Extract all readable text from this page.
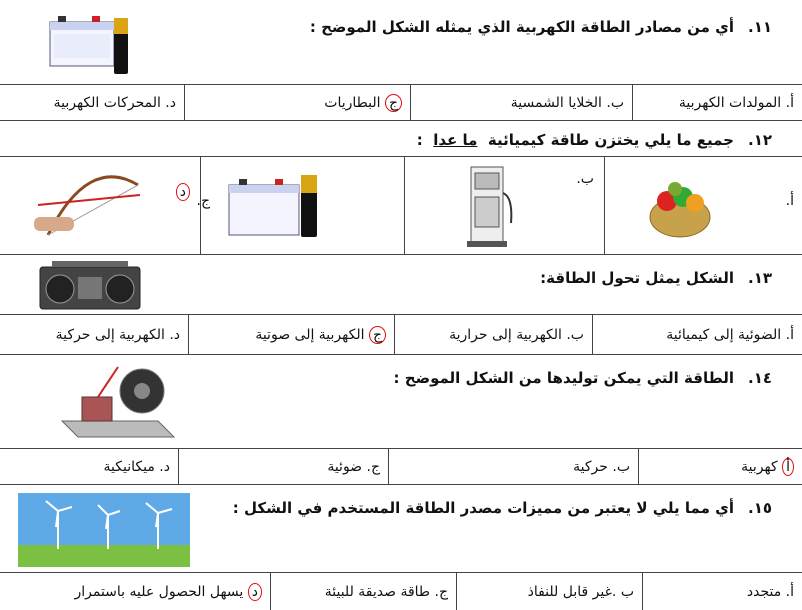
١١.أي من مصادر الطاقة الكهربية الذي يمثله الشكل الموضح :
أ. المولدات الكهربية
ب. الخلايا الشمسية
ج

البطاريات
د. المحركات الكهربية
١٢.جميع ما يلي يختزن طاقة كيميائية  ما عدا  :
أ.
ب.
ج.
د
١٣.الشكل يمثل تحول الطاقة:
أ. الضوئية إلى كيميائية
ب. الكهربية إلى حرارية
ج

الكهربية إلى صوتية
د. الكهربية إلى حركية
١٤.الطاقة التي يمكن توليدها من الشكل الموضح :
أ

كهربية
ب. حركية
ج. ضوئية
د. ميكانيكية
١٥.أي مما يلي لا يعتبر من مميزات مصدر الطاقة المستخدم في الشكل :
أ. متجدد
ب .غير قابل للنفاذ
ج. طاقة صديقة للبيئة
د

يسهل الحصول عليه باستمرار
